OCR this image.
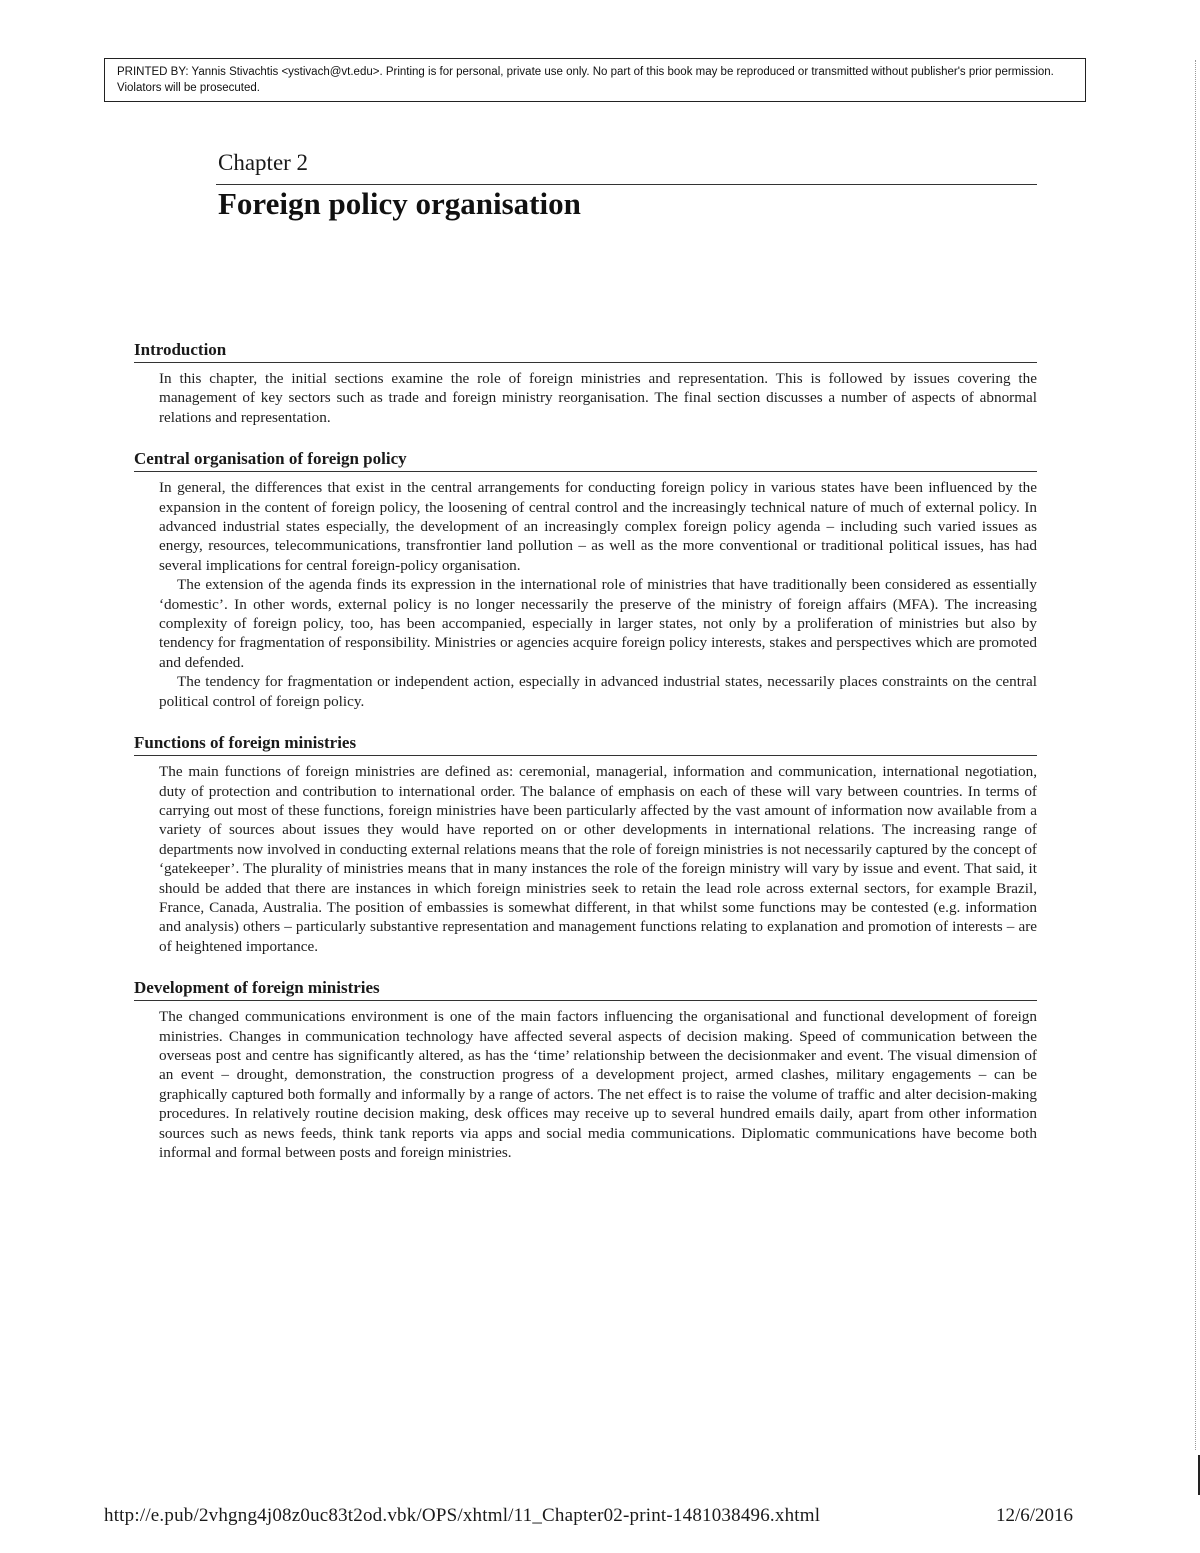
PRINTED BY: Yannis Stivachtis <ystivach@vt.edu>. Printing is for personal, private use only. No part of this book may be reproduced or transmitted without publisher's prior permission. Violators will be prosecuted.
Chapter 2
Foreign policy organisation
Introduction

In this chapter, the initial sections examine the role of foreign ministries and representation. This is followed by issues covering the management of key sectors such as trade and foreign ministry reorganisation. The final section discusses a number of aspects of abnormal relations and representation.

Central organisation of foreign policy

In general, the differences that exist in the central arrangements for conducting foreign policy in various states have been influenced by the expansion in the content of foreign policy, the loosening of central control and the increasingly technical nature of much of external policy. In advanced industrial states especially, the development of an increasingly complex foreign policy agenda – including such varied issues as energy, resources, telecommunications, transfrontier land pollution – as well as the more conventional or traditional political issues, has had several implications for central foreign-policy organisation.

The extension of the agenda finds its expression in the international role of ministries that have traditionally been considered as essentially ‘domestic’. In other words, external policy is no longer necessarily the preserve of the ministry of foreign affairs (MFA). The increasing complexity of foreign policy, too, has been accompanied, especially in larger states, not only by a proliferation of ministries but also by tendency for fragmentation of responsibility. Ministries or agencies acquire foreign policy interests, stakes and perspectives which are promoted and defended.

The tendency for fragmentation or independent action, especially in advanced industrial states, necessarily places constraints on the central political control of foreign policy.

Functions of foreign ministries

The main functions of foreign ministries are defined as: ceremonial, managerial, information and communication, international negotiation, duty of protection and contribution to international order. The balance of emphasis on each of these will vary between countries. In terms of carrying out most of these functions, foreign ministries have been particularly affected by the vast amount of information now available from a variety of sources about issues they would have reported on or other developments in international relations. The increasing range of departments now involved in conducting external relations means that the role of foreign ministries is not necessarily captured by the concept of ‘gatekeeper’. The plurality of ministries means that in many instances the role of the foreign ministry will vary by issue and event. That said, it should be added that there are instances in which foreign ministries seek to retain the lead role across external sectors, for example Brazil, France, Canada, Australia. The position of embassies is somewhat different, in that whilst some functions may be contested (e.g. information and analysis) others – particularly substantive representation and management functions relating to explanation and promotion of interests – are of heightened importance.

Development of foreign ministries

The changed communications environment is one of the main factors influencing the organisational and functional development of foreign ministries. Changes in communication technology have affected several aspects of decision making. Speed of communication between the overseas post and centre has significantly altered, as has the ‘time’ relationship between the decisionmaker and event. The visual dimension of an event – drought, demonstration, the construction progress of a development project, armed clashes, military engagements – can be graphically captured both formally and informally by a range of actors. The net effect is to raise the volume of traffic and alter decision-making procedures. In relatively routine decision making, desk offices may receive up to several hundred emails daily, apart from other information sources such as news feeds, think tank reports via apps and social media communications. Diplomatic communications have become both informal and formal between posts and foreign ministries.

http://e.pub/2vhgng4j08z0uc83t2od.vbk/OPS/xhtml/11_Chapter02-print-1481038496.xhtml	12/6/2016
